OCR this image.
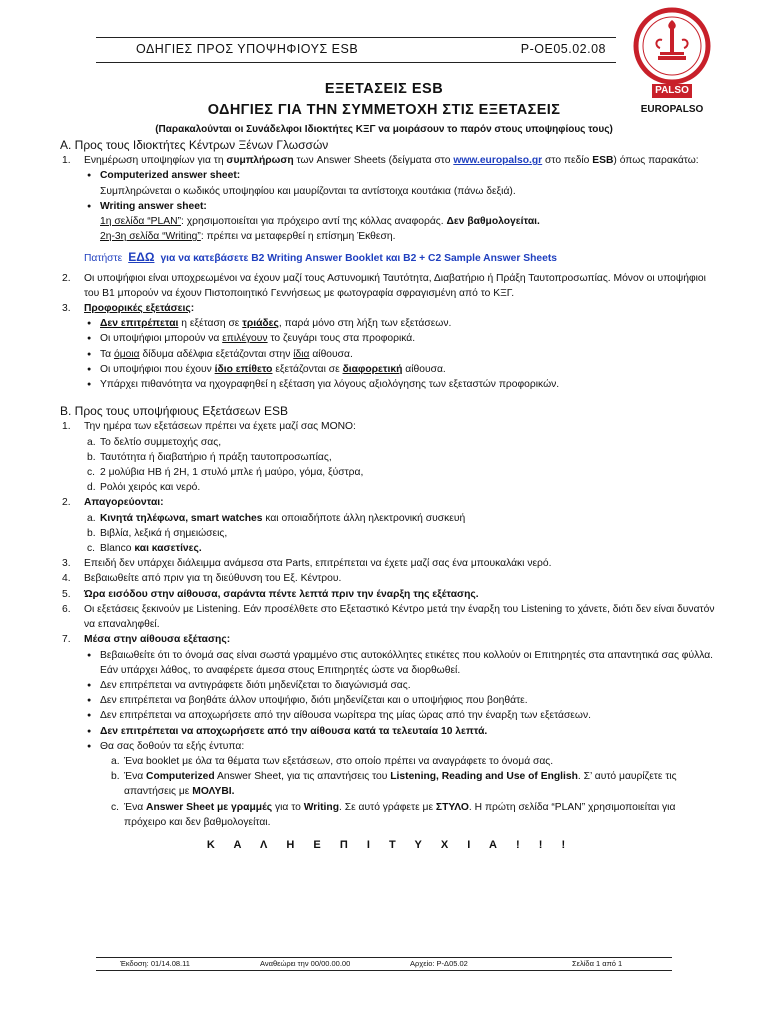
ΟΔΗΓΙΕΣ ΠΡΟΣ ΥΠΟΨΗΦΙΟΥΣ ESB	P-OE05.02.08
PALSO
EUROPALSO
ΕΞΕΤΑΣΕΙΣ ESB
ΟΔΗΓΙΕΣ ΓΙΑ ΤΗΝ ΣΥΜΜΕΤΟΧΗ ΣΤΙΣ ΕΞΕΤΑΣΕΙΣ
(Παρακαλούνται οι Συνάδελφοι Ιδιοκτήτες ΚΞΓ να μοιράσουν το παρόν στους υποψηφίους τους)
A. Προς τους Ιδιοκτήτες Κέντρων Ξένων Γλωσσών
1. Ενημέρωση υποψηφίων για τη συμπλήρωση των Answer Sheets (δείγματα στο www.europalso.gr στο πεδίο ESB) όπως παρακάτω:
● Computerized answer sheet:
Συμπληρώνεται ο κωδικός υποψηφίου και μαυρίζονται τα αντίστοιχα κουτάκια (πάνω δεξιά).
● Writing answer sheet:
1η σελίδα “PLAN”: χρησιμοποιείται για πρόχειρο αντί της κόλλας αναφοράς. Δεν βαθμολογείται.
2η-3η σελίδα “Writing”: πρέπει να μεταφερθεί η επίσημη Έκθεση.
Πατήστε ΕΔΩ για να κατεβάσετε B2 Writing Answer Booklet και B2 + C2 Sample Answer Sheets
2. Οι υποψήφιοι είναι υποχρεωμένοι να έχουν μαζί τους Αστυνομική Ταυτότητα, Διαβατήριο ή Πράξη Ταυτοπροσωπίας. Μόνον οι υποψήφιοι του Β1 μπορούν να έχουν Πιστοποιητικό Γεννήσεως με φωτογραφία σφραγισμένη από το ΚΞΓ.
3. Προφορικές εξετάσεις:
● Δεν επιτρέπεται η εξέταση σε τριάδες, παρά μόνο στη λήξη των εξετάσεων.
● Οι υποψήφιοι μπορούν να επιλέγουν το ζευγάρι τους στα προφορικά.
● Τα όμοια δίδυμα αδέλφια εξετάζονται στην ίδια αίθουσα.
● Οι υποψήφιοι που έχουν ίδιο επίθετο εξετάζονται σε διαφορετική αίθουσα.
● Υπάρχει πιθανότητα να ηχογραφηθεί η εξέταση για λόγους αξιολόγησης των εξεταστών προφορικών.
B. Προς τους υποψήφιους Εξετάσεων ESB
1. Την ημέρα των εξετάσεων πρέπει να έχετε μαζί σας ΜΟΝΟ:
a. Το δελτίο συμμετοχής σας,
b. Ταυτότητα ή διαβατήριο ή πράξη ταυτοπροσωπίας,
c. 2 μολύβια ΗΒ ή 2Η, 1 στυλό μπλε ή μαύρο, γόμα, ξύστρα,
d. Ρολόι χειρός και νερό.
2. Απαγορεύονται:
a. Κινητά τηλέφωνα, smart watches και οποιαδήποτε άλλη ηλεκτρονική συσκευή
b. Βιβλία, λεξικά ή σημειώσεις,
c. Blanco και κασετίνες.
3. Επειδή δεν υπάρχει διάλειμμα ανάμεσα στα Parts, επιτρέπεται να έχετε μαζί σας ένα μπουκαλάκι νερό.
4. Βεβαιωθείτε από πριν για τη διεύθυνση του Εξ. Κέντρου.
5. Ώρα εισόδου στην αίθουσα, σαράντα πέντε λεπτά πριν την έναρξη της εξέτασης.
6. Οι εξετάσεις ξεκινούν με Listening. Εάν προσέλθετε στο Εξεταστικό Κέντρο μετά την έναρξη του Listening το χάνετε, διότι δεν είναι δυνατόν να επαναληφθεί.
7. Μέσα στην αίθουσα εξέτασης:
● Βεβαιωθείτε ότι το όνομά σας είναι σωστά γραμμένο στις αυτοκόλλητες ετικέτες που κολλούν οι Επιτηρητές στα απαντητικά σας φύλλα. Εάν υπάρχει λάθος, το αναφέρετε άμεσα στους Επιτηρητές ώστε να διορθωθεί.
● Δεν επιτρέπεται να αντιγράφετε διότι μηδενίζεται το διαγώνισμά σας.
● Δεν επιτρέπεται να βοηθάτε άλλον υποψήφιο, διότι μηδενίζεται και ο υποψήφιος που βοηθάτε.
● Δεν επιτρέπεται να αποχωρήσετε από την αίθουσα νωρίτερα της μίας ώρας από την έναρξη των εξετάσεων.
● Δεν επιτρέπεται να αποχωρήσετε από την αίθουσα κατά τα τελευταία 10 λεπτά.
● Θα σας δοθούν τα εξής έντυπα:
a. Ένα booklet με όλα τα θέματα των εξετάσεων, στο οποίο πρέπει να αναγράφετε το όνομά σας.
b. Ένα Computerized Answer Sheet, για τις απαντήσεις του Listening, Reading and Use of English. Σ’ αυτό μαυρίζετε τις απαντήσεις με ΜΟΛΥΒΙ.
c. Ένα Answer Sheet με γραμμές για το Writing. Σε αυτό γράφετε με ΣΤΥΛΟ. Η πρώτη σελίδα “PLAN” χρησιμοποιείται για πρόχειρο και δεν βαθμολογείται.
Κ Α Λ Η Ε Π Ι Τ Υ Χ Ι Α ! ! !
Έκδοση: 01/14.08.11	Αναθεώρει την 00/00.00.00	Αρχείο: P-Δ05.02	Σελίδα 1 από 1
